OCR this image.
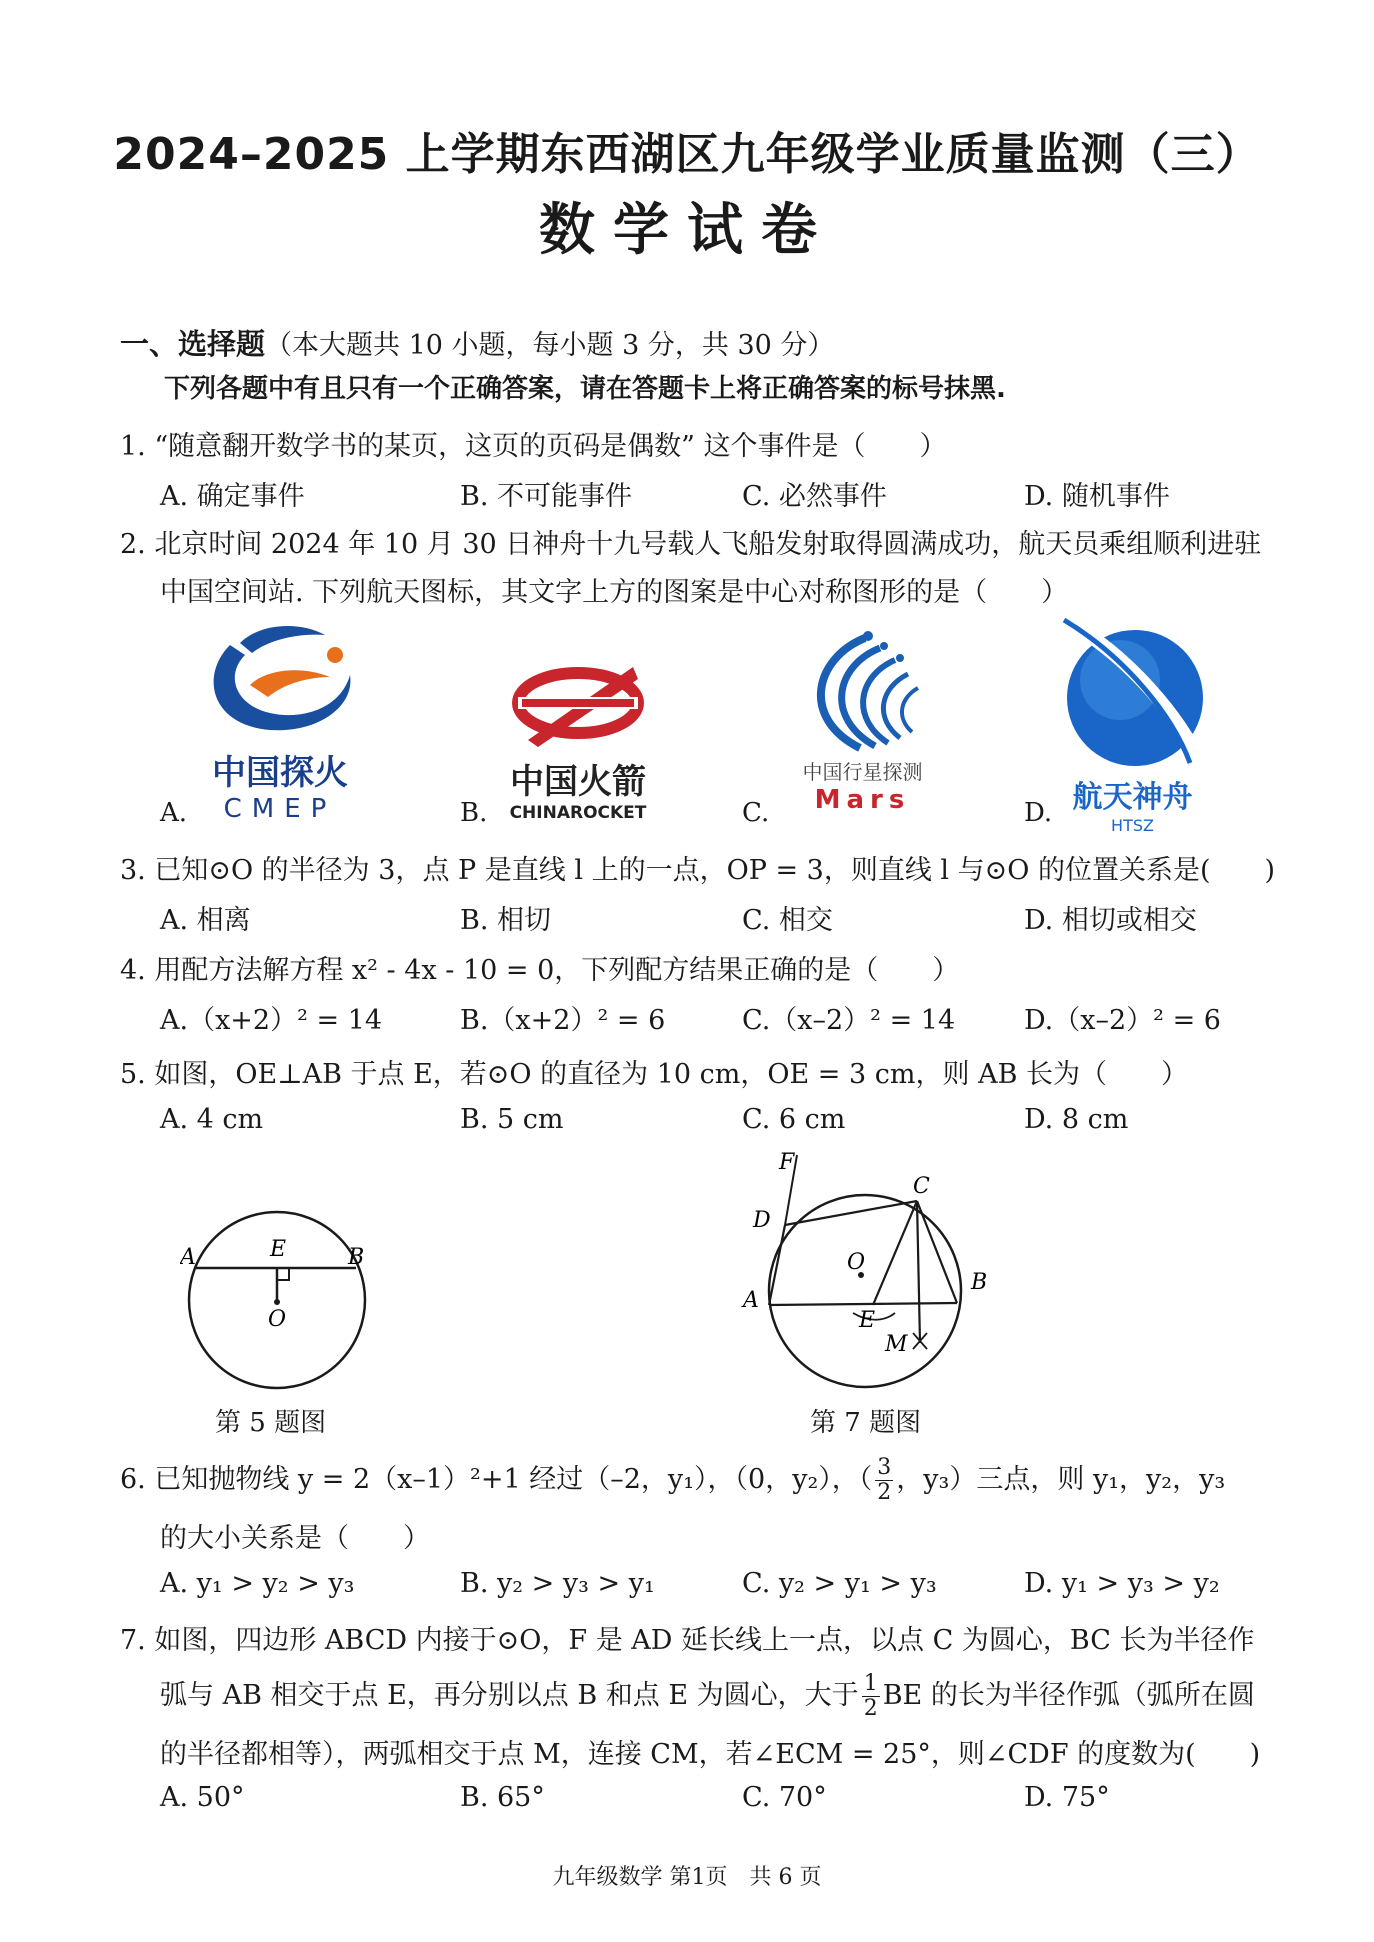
2024–2025 上学期东西湖区九年级学业质量监测（三）
数学试卷
一、选择题（本大题共 10 小题，每小题 3 分，共 30 分）
下列各题中有且只有一个正确答案，请在答题卡上将正确答案的标号抹黑.
1. “随意翻开数学书的某页，这页的页码是偶数” 这个事件是（　　）
A. 确定事件	B. 不可能事件	C. 必然事件	D. 随机事件
2. 北京时间 2024 年 10 月 30 日神舟十九号载人飞船发射取得圆满成功，航天员乘组顺利进驻
中国空间站. 下列航天图标，其文字上方的图案是中心对称图形的是（　　）
A.	B.	C.	D.
中国探火
CMEP
中国火箭
CHINAROCKET
中国行星探测
Mars	航天神舟
HTSZ
3. 已知⊙O 的半径为 3，点 P 是直线 l 上的一点，OP = 3，则直线 l 与⊙O 的位置关系是(　　)
A. 相离	B. 相切	C. 相交	D. 相切或相交
4. 用配方法解方程 x² - 4x - 10 = 0，下列配方结果正确的是（　　）
A.（x+2）² = 14	B.（x+2）² = 6	C.（x–2）² = 14	D.（x–2）² = 6
5. 如图，OE⊥AB 于点 E，若⊙O 的直径为 10 cm，OE = 3 cm，则 AB 长为（　　）
A. 4 cm	B. 5 cm	C. 6 cm	D. 8 cm
A	E	B
O
第 5 题图
F
C
D
O
B
A
E
M
第 7 题图
6. 已知抛物线 y = 2（x–1）²+1 经过（–2，y₁），（0，y₂），（ $\frac{3}{2}$ ，y₃）三点，则 y₁，y₂，y₃
的大小关系是（　　）
A. y₁ > y₂ > y₃	B. y₂ > y₃ > y₁	C. y₂ > y₁ > y₃	D. y₁ > y₃ > y₂
7. 如图，四边形 ABCD 内接于⊙O，F 是 AD 延长线上一点，以点 C 为圆心，BC 长为半径作
弧与 AB 相交于点 E，再分别以点 B 和点 E 为圆心，大于 $\frac{1}{2}$ BE 的长为半径作弧（弧所在圆
的半径都相等），两弧相交于点 M，连接 CM，若∠ECM = 25°，则∠CDF 的度数为(　　)
A. 50°	B. 65°	C. 70°	D. 75°
九年级数学 第1页　共 6 页
